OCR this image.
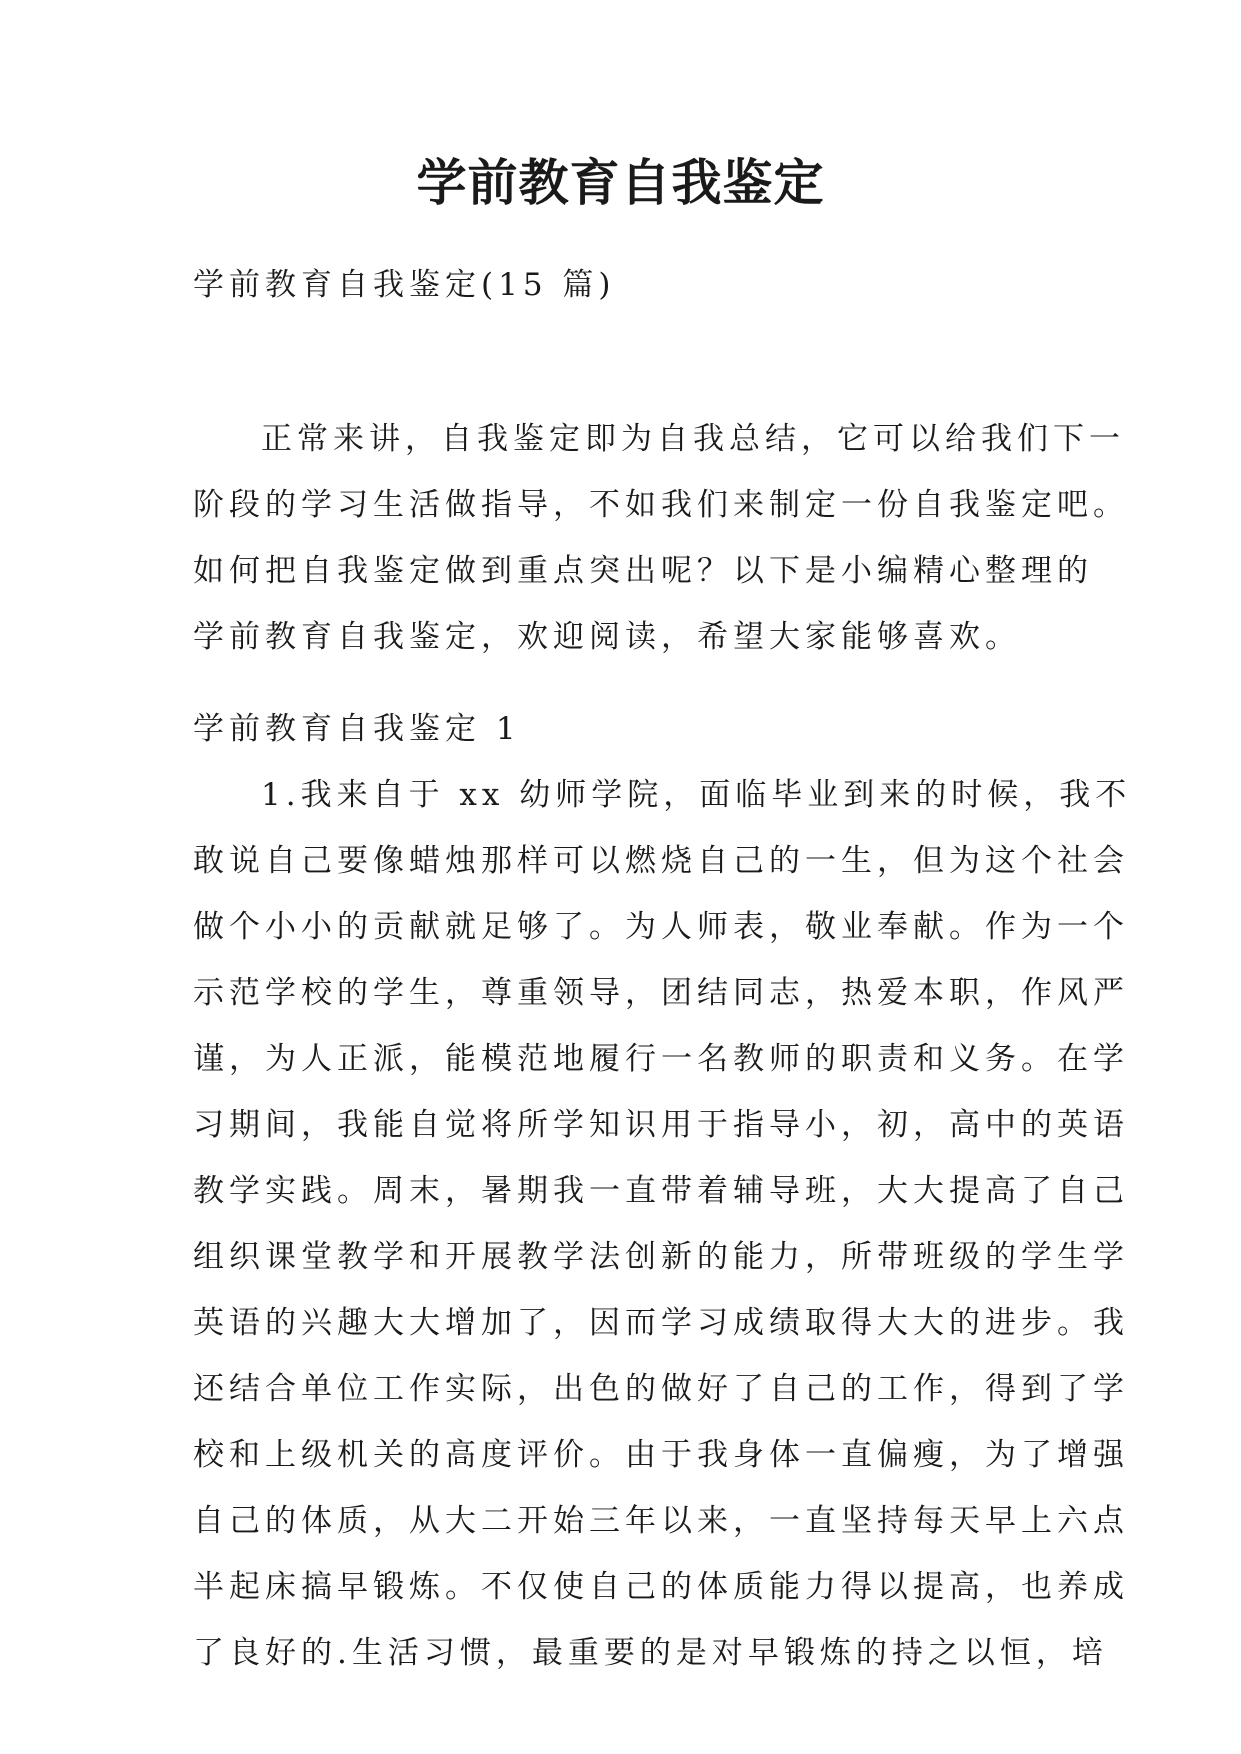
学前教育自我鉴定
学前教育自我鉴定(15 篇)
正常来讲，自我鉴定即为自我总结，它可以给我们下一
阶段的学习生活做指导，不如我们来制定一份自我鉴定吧。
如何把自我鉴定做到重点突出呢？以下是小编精心整理的
学前教育自我鉴定，欢迎阅读，希望大家能够喜欢。
学前教育自我鉴定 1
1.我来自于 xx 幼师学院，面临毕业到来的时候，我不
敢说自己要像蜡烛那样可以燃烧自己的一生，但为这个社会
做个小小的贡献就足够了。为人师表，敬业奉献。作为一个
示范学校的学生，尊重领导，团结同志，热爱本职，作风严
谨，为人正派，能模范地履行一名教师的职责和义务。在学
习期间，我能自觉将所学知识用于指导小，初，高中的英语
教学实践。周末，暑期我一直带着辅导班，大大提高了自己
组织课堂教学和开展教学法创新的能力，所带班级的学生学
英语的兴趣大大增加了，因而学习成绩取得大大的进步。我
还结合单位工作实际，出色的做好了自己的工作，得到了学
校和上级机关的高度评价。由于我身体一直偏瘦，为了增强
自己的体质，从大二开始三年以来，一直坚持每天早上六点
半起床搞早锻炼。不仅使自己的体质能力得以提高，也养成
了良好的.生活习惯，最重要的是对早锻炼的持之以恒，培
